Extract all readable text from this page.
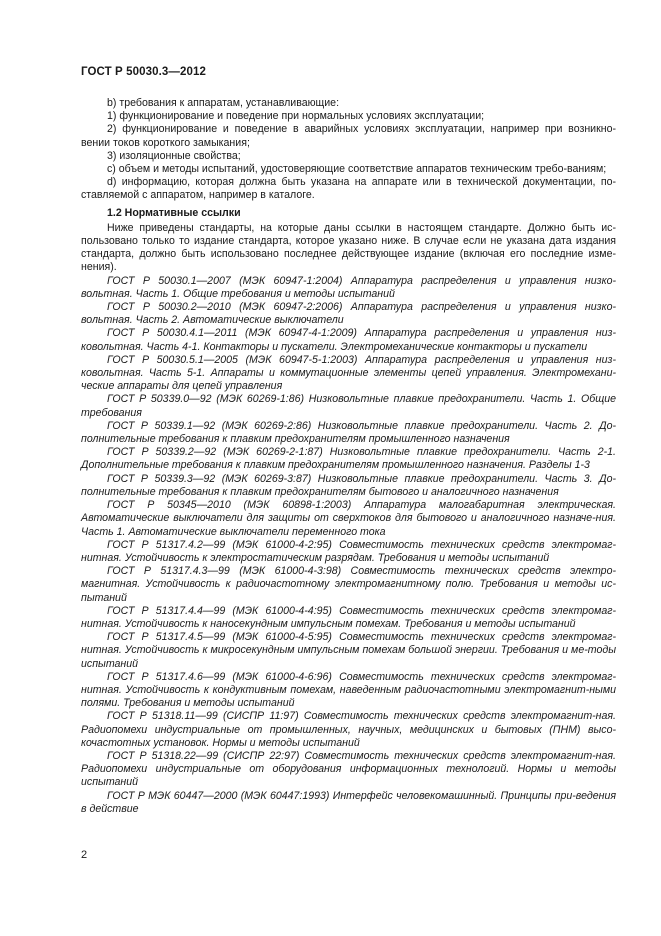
ГОСТ Р 50030.3—2012

b) требования к аппаратам, устанавливающие:

1) функционирование и поведение при нормальных условиях эксплуатации;

2) функционирование и поведение в аварийных условиях эксплуатации, например при возникно-вении токов короткого замыкания;

3) изоляционные свойства;

c) объем и методы испытаний, удостоверяющие соответствие аппаратов техническим требо-ваниям;

d) информацию, которая должна быть указана на аппарате или в технической документации, по-ставляемой с аппаратом, например в каталоге.

1.2 Нормативные ссылки

Ниже приведены стандарты, на которые даны ссылки в настоящем стандарте. Должно быть ис-пользовано только то издание стандарта, которое указано ниже. В случае если не указана дата издания стандарта, должно быть использовано последнее действующее издание (включая его последние изме-нения).

ГОСТ Р 50030.1—2007 (МЭК 60947-1:2004) Аппаратура распределения и управления низко-вольтная. Часть 1. Общие требования и методы испытаний

ГОСТ Р 50030.2—2010 (МЭК 60947-2:2006) Аппаратура распределения и управления низко-вольтная. Часть 2. Автоматические выключатели

ГОСТ Р 50030.4.1—2011 (МЭК 60947-4-1:2009) Аппаратура распределения и управления низ-ковольтная. Часть 4-1. Контакторы и пускатели. Электромеханические контакторы и пускатели

ГОСТ Р 50030.5.1—2005 (МЭК 60947-5-1:2003) Аппаратура распределения и управления низ-ковольтная. Часть 5-1. Аппараты и коммутационные элементы цепей управления. Электромехани-ческие аппараты для цепей управления

ГОСТ Р 50339.0—92 (МЭК 60269-1:86) Низковольтные плавкие предохранители. Часть 1. Общие требования

ГОСТ Р 50339.1—92 (МЭК 60269-2:86) Низковольтные плавкие предохранители. Часть 2. До-полнительные требования к плавким предохранителям промышленного назначения

ГОСТ Р 50339.2—92 (МЭК 60269-2-1:87) Низковольтные плавкие предохранители. Часть 2-1. Дополнительные требования к плавким предохранителям промышленного назначения. Разделы 1-3

ГОСТ Р 50339.3—92 (МЭК 60269-3:87) Низковольтные плавкие предохранители. Часть 3. До-полнительные требования к плавким предохранителям бытового и аналогичного назначения

ГОСТ Р 50345—2010 (МЭК 60898-1:2003) Аппаратура малогабаритная электрическая. Автоматические выключатели для защиты от сверхтоков для бытового и аналогичного назначе-ния. Часть 1. Автоматические выключатели переменного тока

ГОСТ Р 51317.4.2—99 (МЭК 61000-4-2:95) Совместимость технических средств электромаг-нитная. Устойчивость к электростатическим разрядам. Требования и методы испытаний

ГОСТ Р 51317.4.3—99 (МЭК 61000-4-3:98) Совместимость технических средств электро-магнитная. Устойчивость к радиочастотному электромагнитному полю. Требования и методы ис-пытаний

ГОСТ Р 51317.4.4—99 (МЭК 61000-4-4:95) Совместимость технических средств электромаг-нитная. Устойчивость к наносекундным импульсным помехам. Требования и методы испытаний

ГОСТ Р 51317.4.5—99 (МЭК 61000-4-5:95) Совместимость технических средств электромаг-нитная. Устойчивость к микросекундным импульсным помехам большой энергии. Требования и ме-тоды испытаний

ГОСТ Р 51317.4.6—99 (МЭК 61000-4-6:96) Совместимость технических средств электромаг-нитная. Устойчивость к кондуктивным помехам, наведенным радиочастотными электромагнит-ными полями. Требования и методы испытаний

ГОСТ Р 51318.11—99 (СИСПР 11:97) Совместимость технических средств электромагнит-ная. Радиопомехи индустриальные от промышленных, научных, медицинских и бытовых (ПНМ) высо-кочастотных установок. Нормы и методы испытаний

ГОСТ Р 51318.22—99 (СИСПР 22:97) Совместимость технических средств электромагнит-ная. Радиопомехи индустриальные от оборудования информационных технологий. Нормы и методы испытаний

ГОСТ Р МЭК 60447—2000 (МЭК 60447:1993) Интерфейс человекомашинный. Принципы при-ведения в действие

2
